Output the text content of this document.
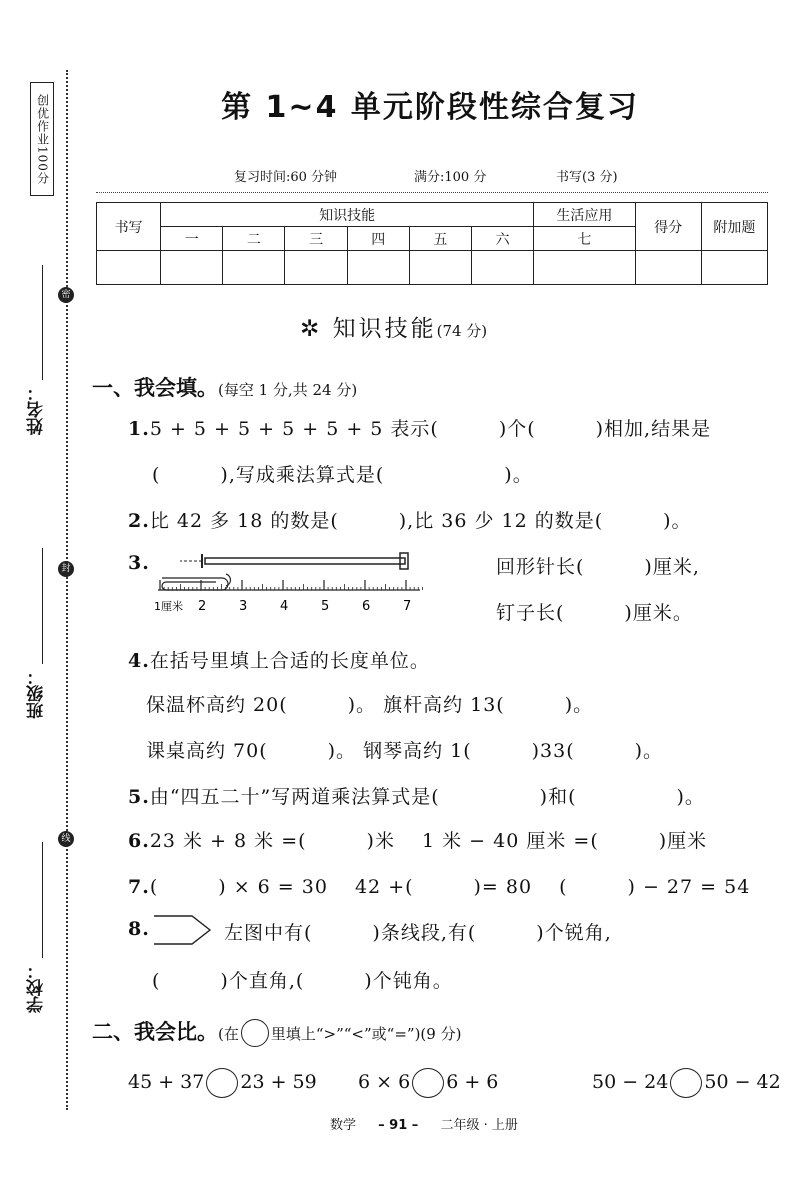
创优作业100分
密
封
线
姓名：
班级：
学校：
第 1~4 单元阶段性综合复习
复习时间:60 分钟	满分:100 分	书写(3 分)
书写	知识技能						生活应用	得分	附加题
	一	二	三	四	五	六	七		

✲ 知识技能(74 分)
一、我会填。(每空 1 分,共 24 分)
1.5 + 5 + 5 + 5 + 5 + 5 表示(　　　)个(　　　)相加,结果是
(　　　),写成乘法算式是(　　　　　　)。
2.比 42 多 18 的数是(　　　),比 36 少 12 的数是(　　　)。
3.
1厘米 2	3	4	5	6	7
回形针长(　　　)厘米,
钉子长(　　　)厘米。
4.在括号里填上合适的长度单位。
保温杯高约 20(　　　)。 旗杆高约 13(　　　)。
课桌高约 70(　　　)。 钢琴高约 1(　　　)33(　　　)。
5.由“四五二十”写两道乘法算式是(　　　　　)和(　　　　　)。
6.23 米 + 8 米 =(　　　)米　 1 米 − 40 厘米 =(　　　)厘米
7.(　　　) × 6 = 30　 42 +(　　　)= 80　 (　　　) − 27 = 54
8.	左图中有(　　　)条线段,有(　　　)个锐角,
(　　　)个直角,(　　　)个钝角。
二、我会比。(在 里填上“>”“<”或“=”)(9 分)
45 + 37 23 + 59 6 × 6 6 + 6	50 − 24 50 − 42
数学 – 91 – 二年级 · 上册
